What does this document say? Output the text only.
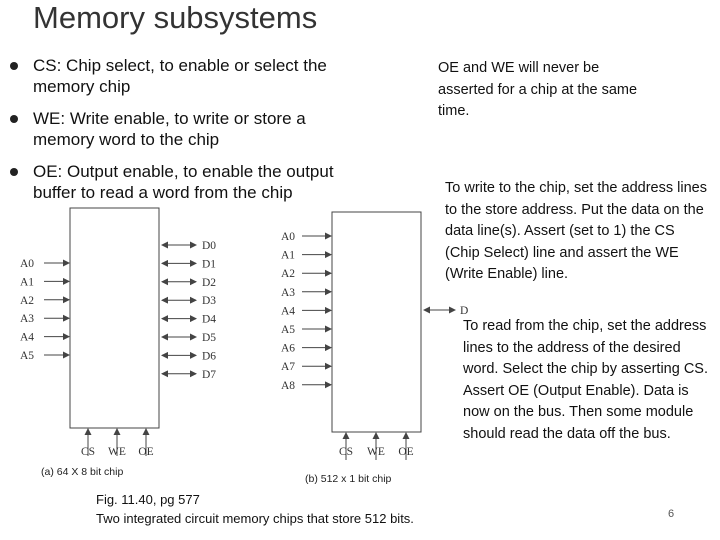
Memory subsystems
CS: Chip select, to enable or select the memory chip
WE: Write enable, to write or store a memory word to the chip
OE: Output enable, to enable the output buffer to read a word from the chip
OE and WE will never be asserted for a chip at the same time.
To write to the chip, set the address lines to the store address. Put the data on the data line(s). Assert (set to 1) the CS (Chip Select) line and assert the WE (Write Enable) line.
To read from the chip, set the address lines to the address of the desired word. Select the chip by asserting CS. Assert OE (Output Enable). Data is now on the bus. Then some module should read the data off the bus.
A0
A1
A2
A3
A4
A5
D0
D1
D2
D3
D4
D5
D6
D7
CS WE OE
A0
A1
A2
A3
A4
A5
A6
A7
A8
D
CS WE OE
(a) 64 X 8 bit chip
(b) 512 x 1 bit chip
Fig. 11.40, pg 577
Two integrated circuit memory chips that store 512 bits.	6
